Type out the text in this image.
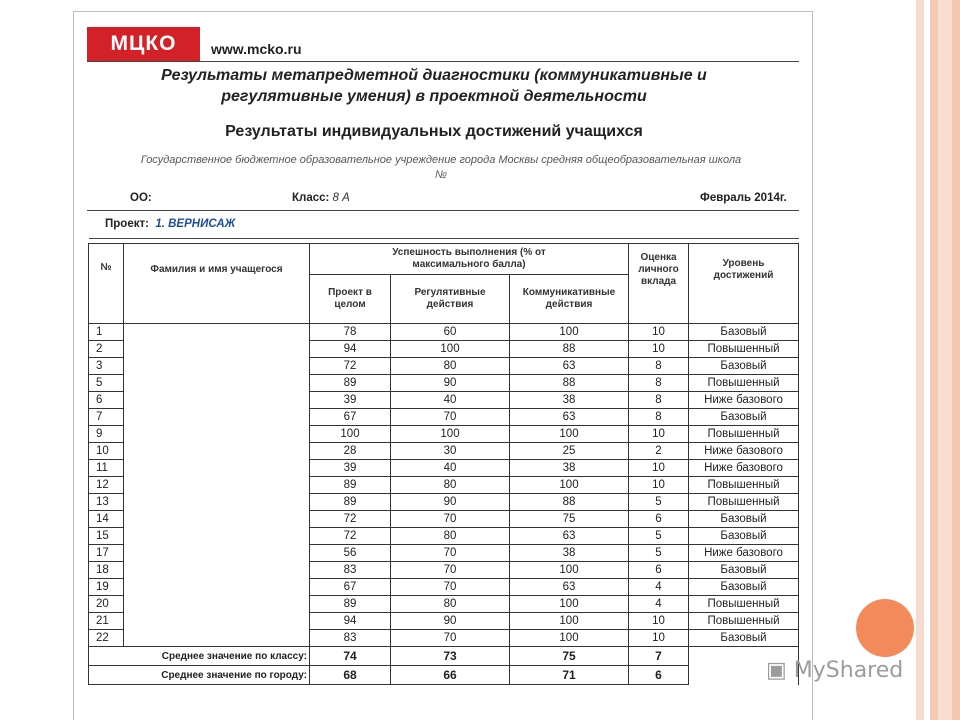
МЦКО	www.mcko.ru
Результаты метапредметной диагностики (коммуникативные и
регулятивные умения) в проектной деятельности
Результаты индивидуальных достижений учащихся
Государственное бюджетное образовательное учреждение города Москвы средняя общеобразовательная школа
№
ОО:	Класс: 8 А	Февраль 2014г.
Проект: 1. ВЕРНИСАЖ
№	Фамилия и имя учащегося	Успешность выполнения (% от максимального балла)			Оценка личного вклада	Уровень достижений
		Проект в целом	Регулятивные действия	Коммуникативные действия		
1		78	60	100	10	Базовый
2		94	100	88	10	Повышенный
3		72	80	63	8	Базовый
5		89	90	88	8	Повышенный
6		39	40	38	8	Ниже базового
7		67	70	63	8	Базовый
9		100	100	100	10	Повышенный
10		28	30	25	2	Ниже базового
11		39	40	38	10	Ниже базового
12		89	80	100	10	Повышенный
13		89	90	88	5	Повышенный
14		72	70	75	6	Базовый
15		72	80	63	5	Базовый
17		56	70	38	5	Ниже базового
18		83	70	100	6	Базовый
19		67	70	63	4	Базовый
20		89	80	100	4	Повышенный
21		94	90	100	10	Повышенный
22		83	70	100	10	Базовый
Среднее значение по классу:		74	73	75	7	
Среднее значение по городу:		68	66	71	6		▣ MyShared
